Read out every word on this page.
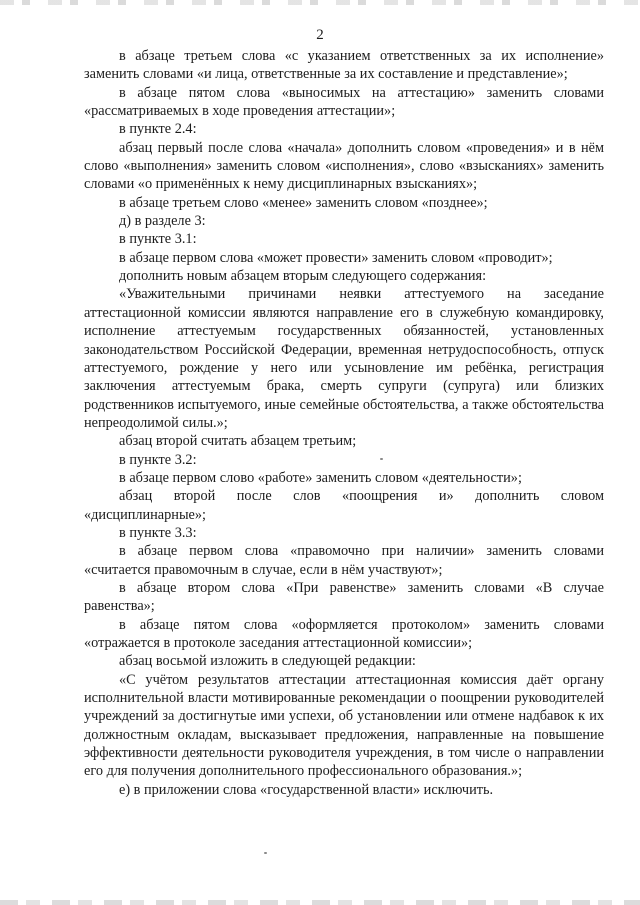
2

в абзаце третьем слова «с указанием ответственных за их исполнение» заменить словами «и лица, ответственные за их составление и представление»;

в абзаце пятом слова «выносимых на аттестацию» заменить словами «рассматриваемых в ходе проведения аттестации»;

в пункте 2.4:

абзац первый после слова «начала» дополнить словом «проведения» и в нём слово «выполнения» заменить словом «исполнения», слово «взысканиях» заменить словами «о применённых к нему дисциплинарных взысканиях»;

в абзаце третьем слово «менее» заменить словом «позднее»;

д) в разделе 3:

в пункте 3.1:

в абзаце первом слова «может провести» заменить словом «проводит»;

дополнить новым абзацем вторым следующего содержания:

«Уважительными причинами неявки аттестуемого на заседание аттестационной комиссии являются направление его в служебную командировку, исполнение аттестуемым государственных обязанностей, установленных законодательством Российской Федерации, временная нетрудоспособность, отпуск аттестуемого, рождение у него или усыновление им ребёнка, регистрация заключения аттестуемым брака, смерть супруги (супруга) или близких родственников испытуемого, иные семейные обстоятельства, а также обстоятельства непреодолимой силы.»;

абзац второй считать абзацем третьим;

в пункте 3.2:

в абзаце первом слово «работе» заменить словом «деятельности»;

абзац второй после слов «поощрения и» дополнить словом «дисциплинарные»;

в пункте 3.3:

в абзаце первом слова «правомочно при наличии» заменить словами «считается правомочным в случае, если в нём участвуют»;

в абзаце втором слова «При равенстве» заменить словами «В случае равенства»;

в абзаце пятом слова «оформляется протоколом» заменить словами «отражается в протоколе заседания аттестационной комиссии»;

абзац восьмой изложить в следующей редакции:

«С учётом результатов аттестации аттестационная комиссия даёт органу исполнительной власти мотивированные рекомендации о поощрении руководителей учреждений за достигнутые ими успехи, об установлении или отмене надбавок к их должностным окладам, высказывает предложения, направленные на повышение эффективности деятельности руководителя учреждения, в том числе о направлении его для получения дополнительного профессионального образования.»;

е) в приложении слова «государственной власти» исключить.
